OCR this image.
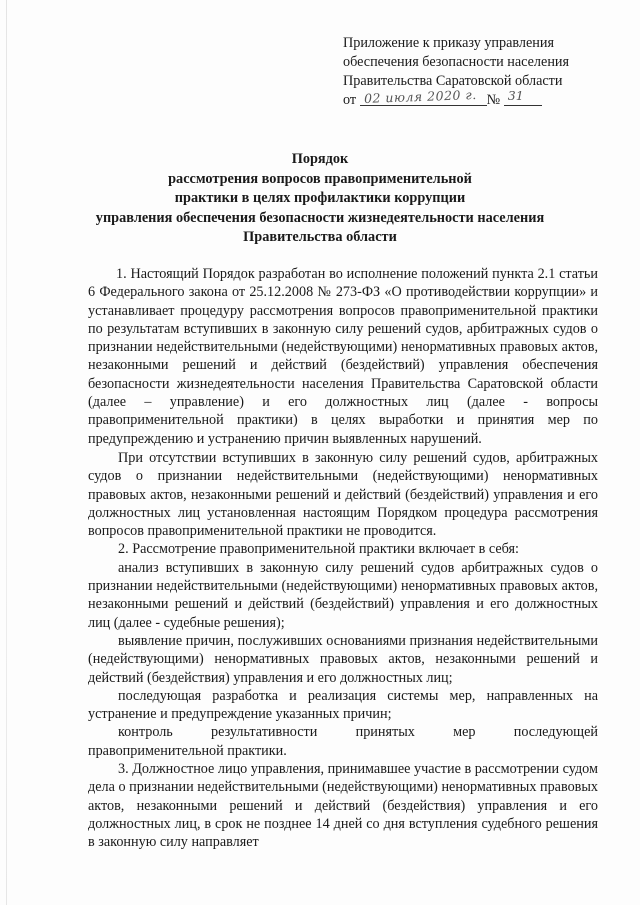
Приложение к приказу управления
обеспечения безопасности населения
Правительства Саратовской области
от 02 июля 2020 г. № 31
Порядок
рассмотрения вопросов правоприменительной
практики в целях профилактики коррупции
управления обеспечения безопасности жизнедеятельности населения
Правительства области

1. Настоящий Порядок разработан во исполнение положений пункта 2.1 статьи 6 Федерального закона от 25.12.2008 № 273-ФЗ «О противодействии коррупции» и устанавливает процедуру рассмотрения вопросов правоприменительной практики по результатам вступивших в законную силу решений судов, арбитражных судов о признании недействительными (недействующими) ненормативных правовых актов, незаконными решений и действий (бездействий) управления обеспечения безопасности жизнедеятельности населения Правительства Саратовской области (далее – управление) и его должностных лиц (далее - вопросы правоприменительной практики) в целях выработки и принятия мер по предупреждению и устранению причин выявленных нарушений.

При отсутствии вступивших в законную силу решений судов, арбитражных судов о признании недействительными (недействующими) ненормативных правовых актов, незаконными решений и действий (бездействий) управления и его должностных лиц установленная настоящим Порядком процедура рассмотрения вопросов правоприменительной практики не проводится.

2. Рассмотрение правоприменительной практики включает в себя:

анализ вступивших в законную силу решений судов арбитражных судов о признании недействительными (недействующими) ненормативных правовых актов, незаконными решений и действий (бездействий) управления и его должностных лиц (далее - судебные решения);

выявление причин, послуживших основаниями признания недействительными (недействующими) ненормативных правовых актов, незаконными решений и действий (бездействия) управления и его должностных лиц;

последующая разработка и реализация системы мер, направленных на устранение и предупреждение указанных причин;

контроль результативности принятых мер последующей правоприменительной практики.

3. Должностное лицо управления, принимавшее участие в рассмотрении судом дела о признании недействительными (недействующими) ненормативных правовых актов, незаконными решений и действий (бездействия) управления и его должностных лиц, в срок не позднее 14 дней со дня вступления судебного решения в законную силу направляет
